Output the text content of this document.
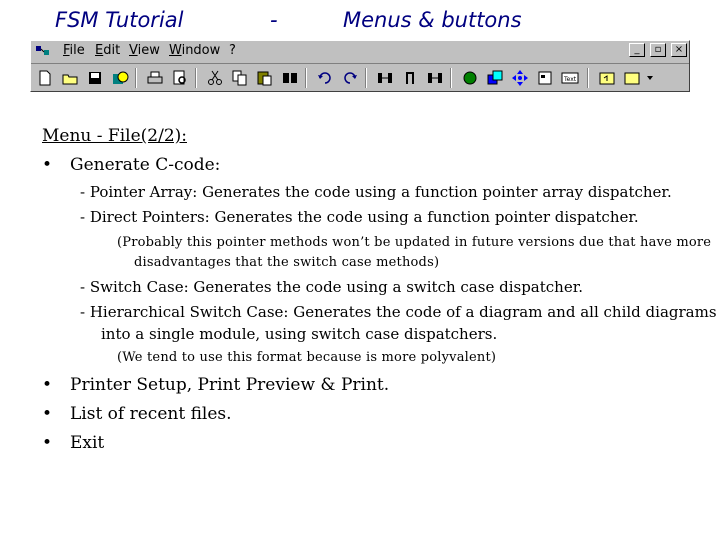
FSM Tutorial	-	Menus & buttons
File Edit View Window ?	_	▫	×
Text
Menu - File(2/2):
• Generate C-code:
- Pointer Array: Generates the code using a function pointer array dispatcher.
- Direct Pointers: Generates the code using a function pointer dispatcher.
(Probably this pointer methods won’t be updated in future versions due that have more
disadvantages that the switch case methods)
- Switch Case: Generates the code using a switch case dispatcher.
- Hierarchical Switch Case: Generates the code of a diagram and all child diagrams
into a single module, using switch case dispatchers.
(We tend to use this format because is more polyvalent)
• Printer Setup, Print Preview & Print.
• List of recent files.
• Exit
